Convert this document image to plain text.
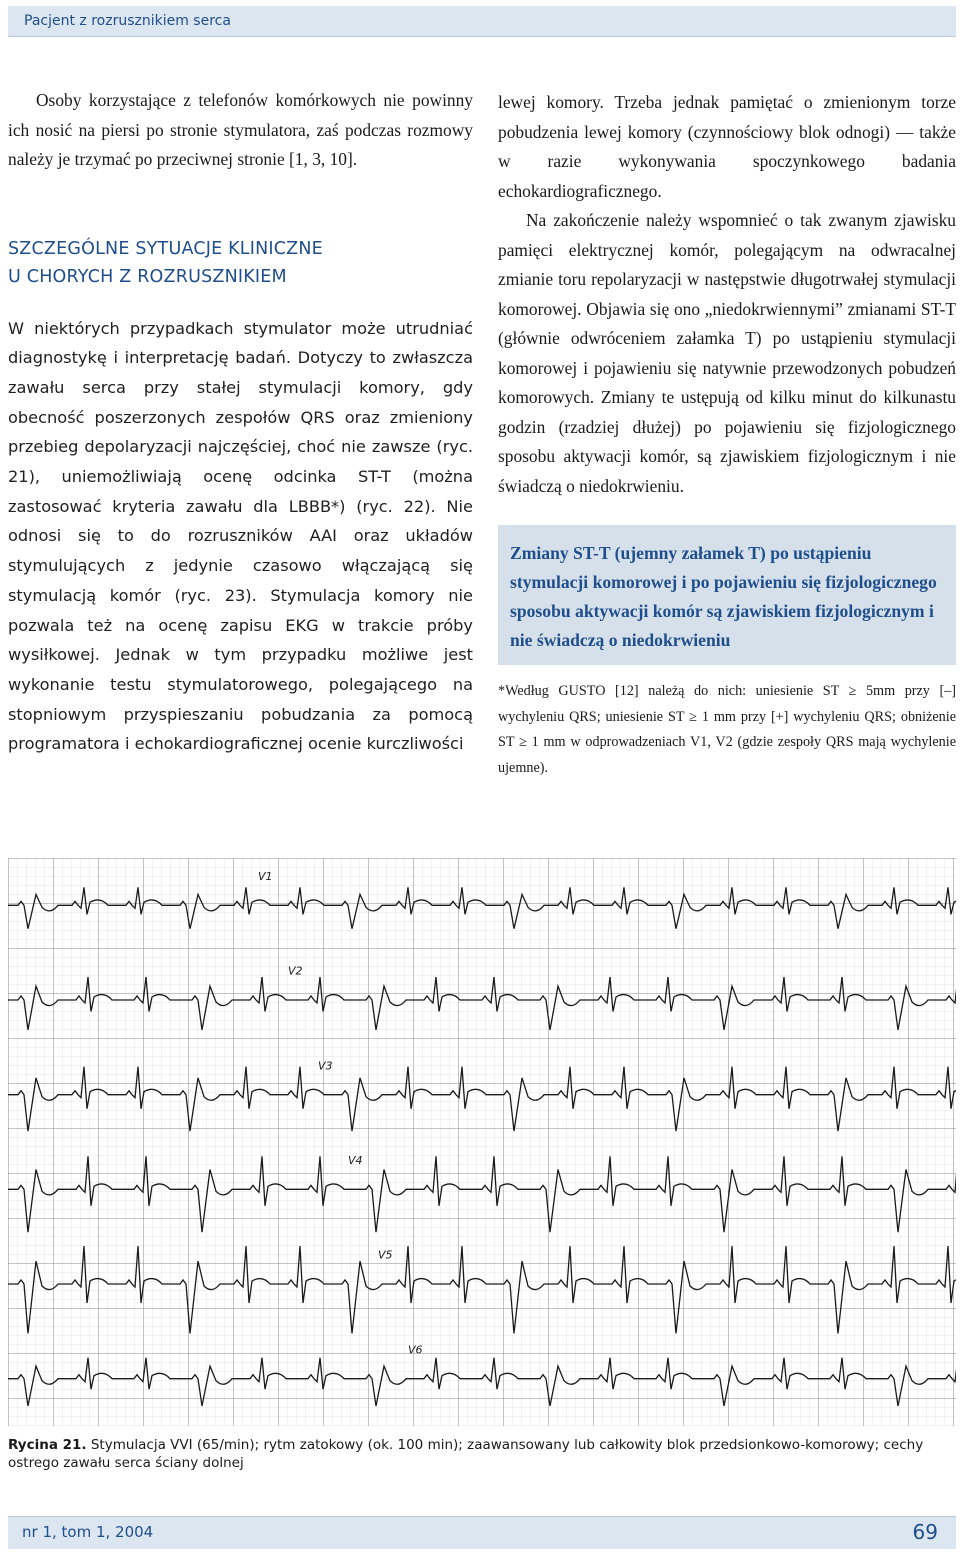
Pacjent z rozrusznikiem serca

Osoby korzystające z telefonów komórkowych nie powinny ich nosić na piersi po stronie stymulatora, zaś podczas rozmowy należy je trzymać po przeciwnej stronie [1, 3, 10].

SZCZEGÓLNE SYTUACJE KLINICZNE
U CHORYCH Z ROZRUSZNIKIEM

W niektórych przypadkach stymulator może utrudniać diagnostykę i interpretację badań. Dotyczy to zwłaszcza zawału serca przy stałej stymulacji komory, gdy obecność poszerzonych zespołów QRS oraz zmieniony przebieg depolaryzacji najczęściej, choć nie zawsze (ryc. 21), uniemożliwiają ocenę odcinka ST-T (można zastosować kryteria zawału dla LBBB*) (ryc. 22). Nie odnosi się to do rozruszników AAI oraz układów stymulujących z jedynie czasowo włączającą się stymulacją komór (ryc. 23). Stymulacja komory nie pozwala też na ocenę zapisu EKG w trakcie próby wysiłkowej. Jednak w tym przypadku możliwe jest wykonanie testu stymulatorowego, polegającego na stopniowym przyspieszaniu pobudzania za pomocą programatora i echokardiograficznej ocenie kurczliwości

lewej komory. Trzeba jednak pamiętać o zmienionym torze pobudzenia lewej komory (czynnościowy blok odnogi) — także w razie wykonywania spoczynkowego badania echokardiograficznego.

Na zakończenie należy wspomnieć o tak zwanym zjawisku pamięci elektrycznej komór, polegającym na odwracalnej zmianie toru repolaryzacji w następstwie długotrwałej stymulacji komorowej. Objawia się ono „niedokrwiennymi” zmianami ST-T (głównie odwróceniem załamka T) po ustąpieniu stymulacji komorowej i pojawieniu się natywnie przewodzonych pobudzeń komorowych. Zmiany te ustępują od kilku minut do kilkunastu godzin (rzadziej dłużej) po pojawieniu się fizjologicznego sposobu aktywacji komór, są zjawiskiem fizjologicznym i nie świadczą o niedokrwieniu.

Zmiany ST-T (ujemny załamek T) po ustąpieniu stymulacji komorowej i po pojawieniu się fizjologicznego sposobu aktywacji komór są zjawiskiem fizjologicznym i nie świadczą o niedokrwieniu

*Według GUSTO [12] należą do nich: uniesienie ST ≥ 5mm przy [–] wychyleniu QRS; uniesienie ST ≥ 1 mm przy [+] wychyleniu QRS; obniżenie ST ≥ 1 mm w odprowadzeniach V1, V2 (gdzie zespoły QRS mają wychylenie ujemne).

V1
V2
V3
V4
V5
V6
Rycina 21. Stymulacja VVI (65/min); rytm zatokowy (ok. 100 min); zaawansowany lub całkowity blok przedsionkowo-komorowy; cechy ostrego zawału serca ściany dolnej
nr 1, tom 1, 2004	69
